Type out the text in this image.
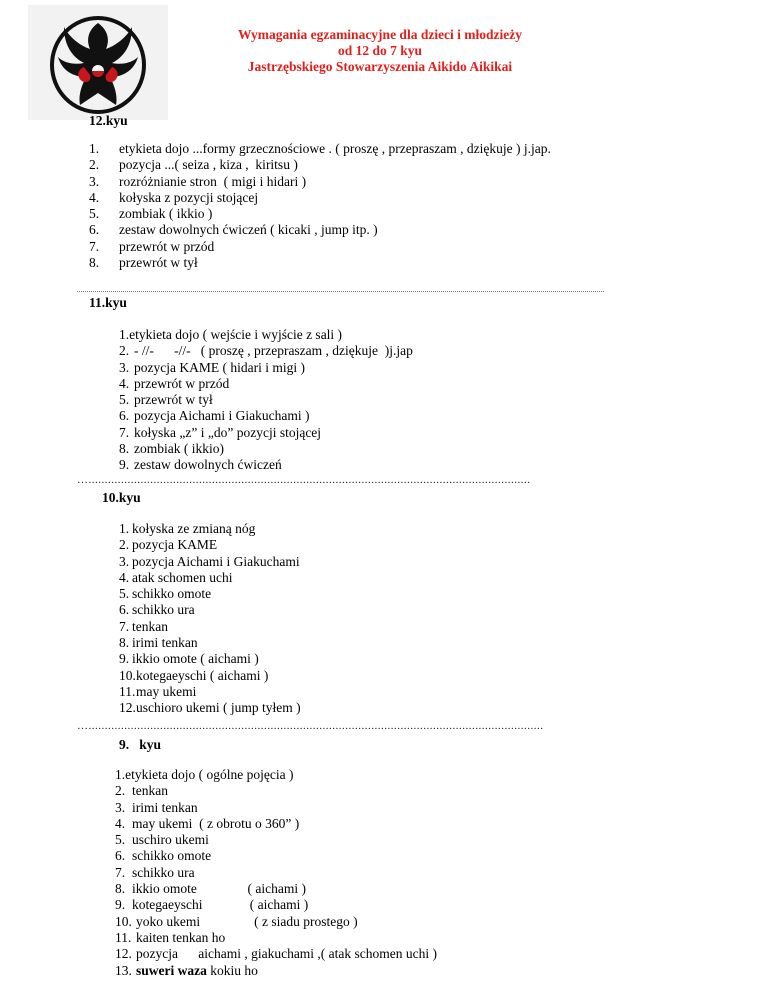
Wymagania egzaminacyjne dla dzieci i młodzieży
od 12 do 7 kyu
Jastrzębskiego Stowarzyszenia Aikido Aikikai
12.kyu
1. etykieta dojo ...formy grzecznościowe . ( proszę , przepraszam , dziękuje ) j.jap.
2. pozycja ...( seiza , kiza ,  kiritsu )
3. rozróżnianie stron  ( migi i hidari )
4. kołyska z pozycji stojącej
5. zombiak ( ikkio )
6. zestaw dowolnych ćwiczeń ( kicaki , jump itp. )
7. przewrót w przód
8. przewrót w tył
11.kyu
1.etykieta dojo ( wejście i wyjście z sali )
2. - //-      -//-   ( proszę , przepraszam , dziękuje  )j.jap
3. pozycja KAME ( hidari i migi )
4. przewrót w przód
5. przewrót w tył
6. pozycja Aichami i Giakuchami )
7. kołyska „z” i „do” pozycji stojącej
8. zombiak ( ikkio)
9. zestaw dowolnych ćwiczeń
…........................................................................................................................................
10.kyu
1. kołyska ze zmianą nóg
2. pozycja KAME
3. pozycja Aichami i Giakuchami
4. atak schomen uchi
5. schikko omote
6. schikko ura
7. tenkan
8. irimi tenkan
9. ikkio omote ( aichami )
10.kotegaeyschi ( aichami )
11.may ukemi
12.uschioro ukemi ( jump tyłem )
…............................................................................................................................................
9. kyu
1.etykieta dojo ( ogólne pojęcia )
2. tenkan
3. irimi tenkan
4. may ukemi  ( z obrotu o 360” )
5. uschiro ukemi
6. schikko omote
7. schikko ura
8. ikkio omote               ( aichami )
9. kotegaeyschi              ( aichami )
10. yoko ukemi                ( z siadu prostego )
11. kaiten tenkan ho
12. pozycja      aichami , giakuchami ,( atak schomen uchi )
13. suweri waza kokiu ho
